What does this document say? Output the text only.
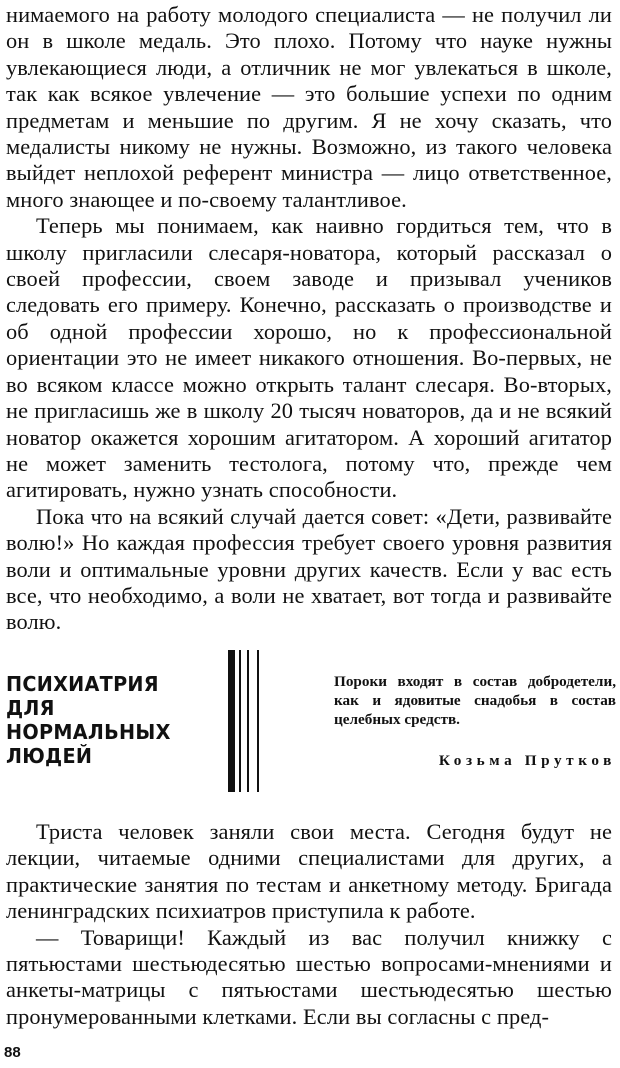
нимаемого на работу молодого специалиста — не получил ли он в школе медаль. Это плохо. Потому что науке нужны увлекающиеся люди, а отличник не мог увлекаться в школе, так как всякое увлечение — это большие успехи по одним предметам и меньшие по другим. Я не хочу сказать, что медалисты никому не нужны. Возможно, из такого человека выйдет неплохой референт министра — лицо ответственное, много знающее и по-своему талантливое.

Теперь мы понимаем, как наивно гордиться тем, что в школу пригласили слесаря-новатора, который рассказал о своей профессии, своем заводе и призывал учеников следовать его примеру. Конечно, рассказать о производстве и об одной профессии хорошо, но к профессиональной ориентации это не имеет никакого отношения. Во-первых, не во всяком классе можно открыть талант слесаря. Во-вторых, не пригласишь же в школу 20 тысяч новаторов, да и не всякий новатор окажется хорошим агитатором. А хороший агитатор не может заменить тестолога, потому что, прежде чем агитировать, нужно узнать способности.

Пока что на всякий случай дается совет: «Дети, развивайте волю!» Но каждая профессия требует своего уровня развития воли и оптимальные уровни других качеств. Если у вас есть все, что необходимо, а воли не хватает, вот тогда и развивайте волю.

ПСИХИАТРИЯ
ДЛЯ
НОРМАЛЬНЫХ
ЛЮДЕЙ
Пороки входят в состав добродетели, как и ядовитые снадобья в состав целебных средств.
Козьма Прутков

Триста человек заняли свои места. Сегодня будут не лекции, читаемые одними специалистами для других, а практические занятия по тестам и анкетному методу. Бригада ленинградских психиатров приступила к работе.

— Товарищи! Каждый из вас получил книжку с пятьюстами шестьюдесятью шестью вопросами-мнениями и анкеты-матрицы с пятьюстами шестьюдесятью шестью пронумерованными клетками. Если вы согласны с пред-

88
